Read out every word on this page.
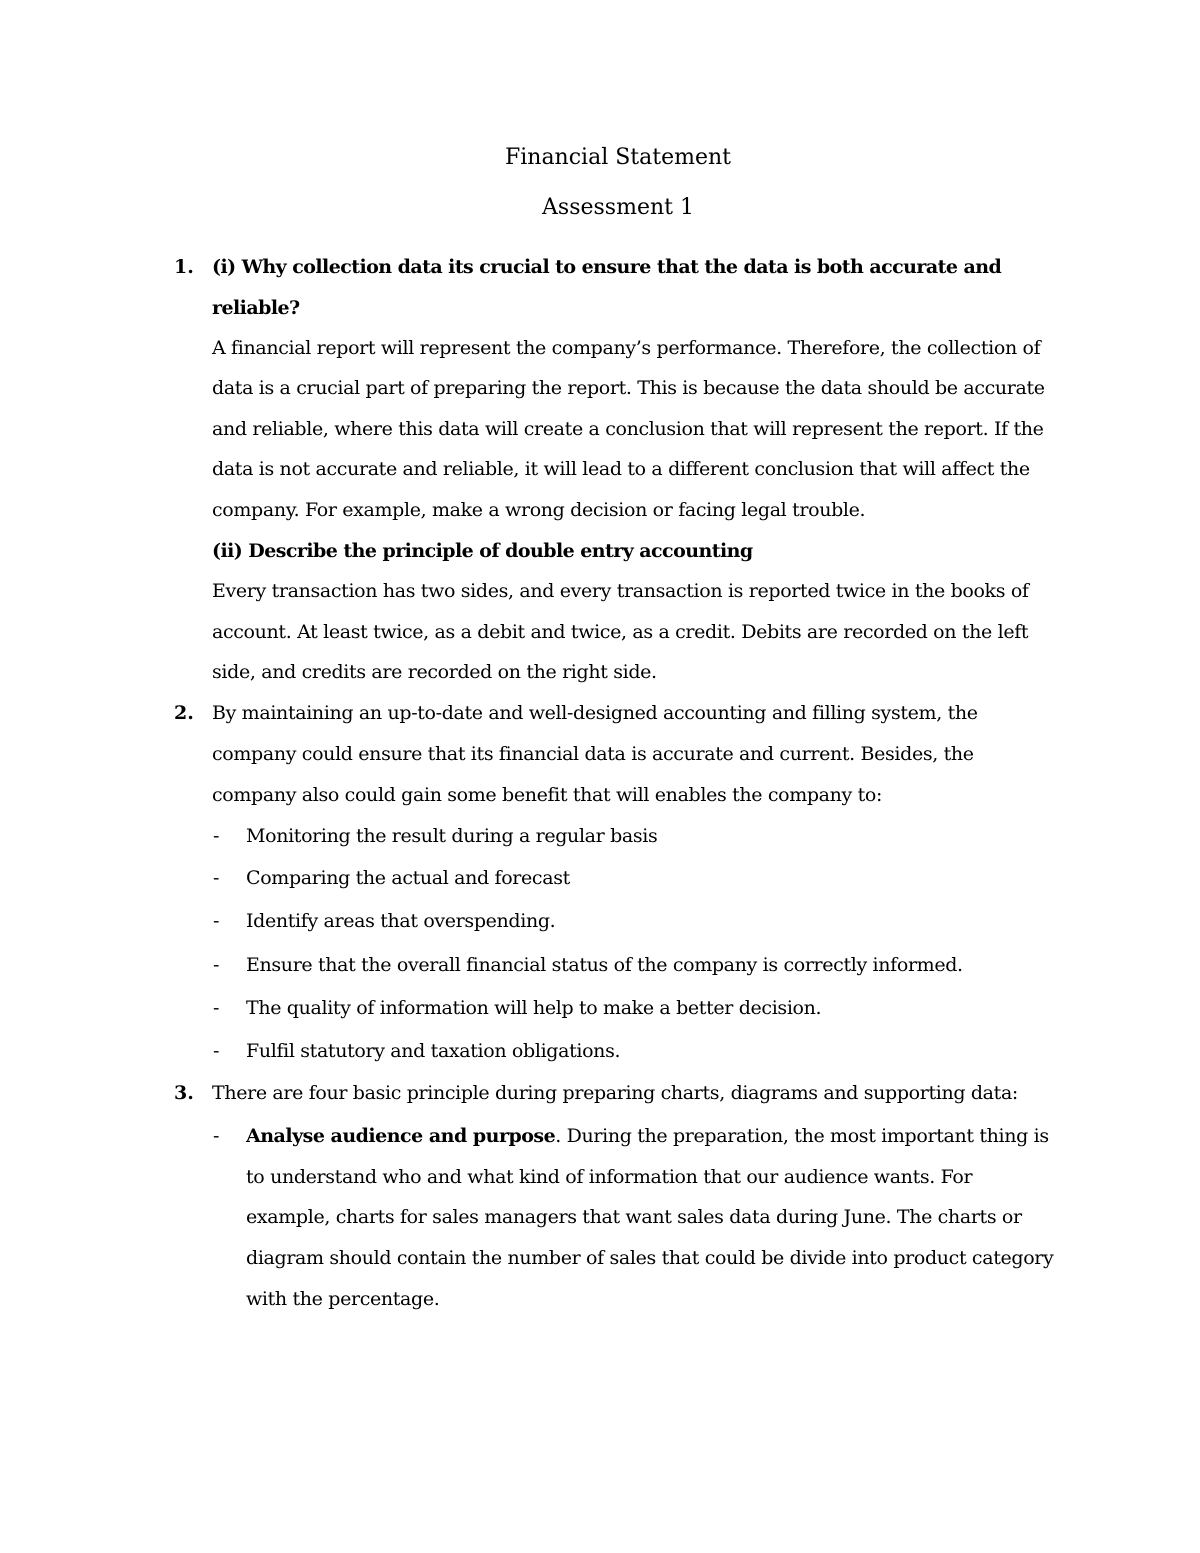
Financial Statement
Assessment 1
1. (i) Why collection data its crucial to ensure that the data is both accurate and
reliable?
A financial report will represent the company’s performance. Therefore, the collection of
data is a crucial part of preparing the report. This is because the data should be accurate
and reliable, where this data will create a conclusion that will represent the report. If the
data is not accurate and reliable, it will lead to a different conclusion that will affect the
company. For example, make a wrong decision or facing legal trouble.
(ii) Describe the principle of double entry accounting
Every transaction has two sides, and every transaction is reported twice in the books of
account. At least twice, as a debit and twice, as a credit. Debits are recorded on the left
side, and credits are recorded on the right side.
2. By maintaining an up-to-date and well-designed accounting and filling system, the
company could ensure that its financial data is accurate and current. Besides, the
company also could gain some benefit that will enables the company to:
- Monitoring the result during a regular basis
- Comparing the actual and forecast
- Identify areas that overspending.
- Ensure that the overall financial status of the company is correctly informed.
- The quality of information will help to make a better decision.
- Fulfil statutory and taxation obligations.
3. There are four basic principle during preparing charts, diagrams and supporting data:
- Analyse audience and purpose. During the preparation, the most important thing is
to understand who and what kind of information that our audience wants. For
example, charts for sales managers that want sales data during June. The charts or
diagram should contain the number of sales that could be divide into product category
with the percentage.
